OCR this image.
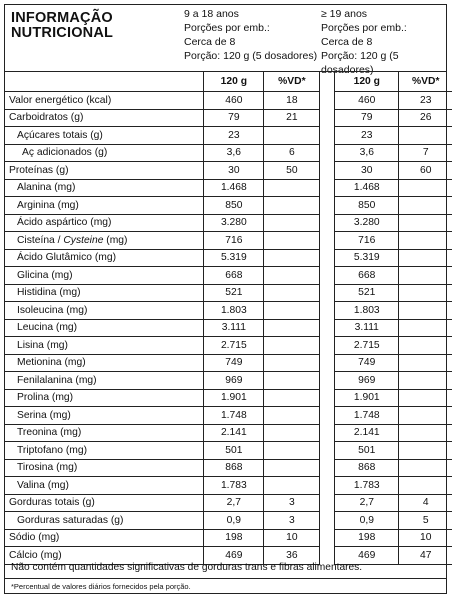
INFORMAÇÃO
NUTRICIONAL
9 a 18 anos
Porções por emb.:
Cerca de 8
Porção: 120 g (5 dosadores)
≥ 19 anos
Porções por emb.:
Cerca de 8
Porção: 120 g (5 dosadores)
	120 g	%VD*		120 g	%VD*
Valor energético (kcal)	460	18		460	23
Carboidratos (g)	79	21		79	26
Açúcares totais (g)	23			23	
Aç adicionados (g)	3,6	6		3,6	7
Proteínas (g)	30	50		30	60
Alanina (mg)	1.468			1.468	
Arginina (mg)	850			850	
Ácido aspártico (mg)	3.280			3.280	
Cisteína / Cysteine (mg)	716			716	
Ácido Glutâmico (mg)	5.319			5.319	
Glicina (mg)	668			668	
Histidina (mg)	521			521	
Isoleucina (mg)	1.803			1.803	
Leucina (mg)	3.111			3.111	
Lisina (mg)	2.715			2.715	
Metionina (mg)	749			749	
Fenilalanina (mg)	969			969	
Prolina (mg)	1.901			1.901	
Serina (mg)	1.748			1.748	
Treonina (mg)	2.141			2.141	
Triptofano (mg)	501			501	
Tirosina (mg)	868			868	
Valina (mg)	1.783			1.783	
Gorduras totais (g)	2,7	3		2,7	4
Gorduras saturadas (g)	0,9	3		0,9	5
Sódio (mg)	198	10		198	10
Cálcio (mg)	469	36		469	47
Não contém quantidades significativas de gorduras trans e fibras alimentares.
*Percentual de valores diários fornecidos pela porção.
